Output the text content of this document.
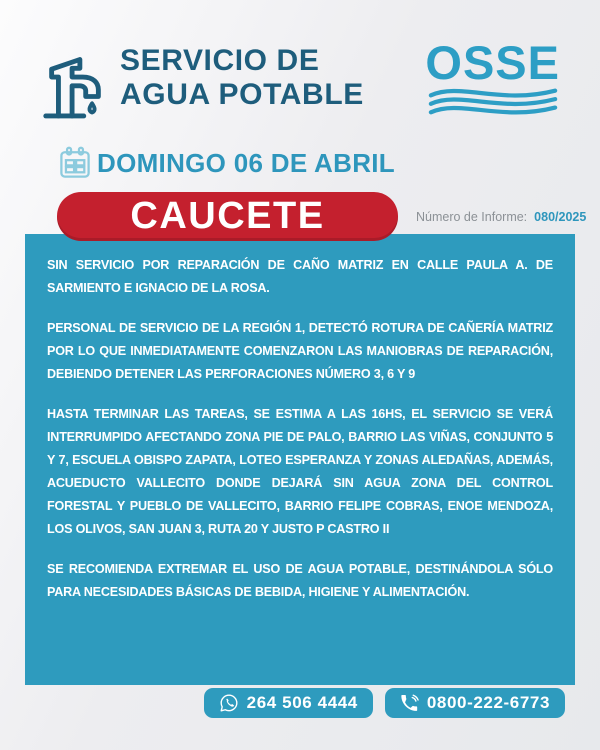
SERVICIO DE
AGUA POTABLE
OSSE
DOMINGO 06 DE ABRIL
CAUCETE	Número de Informe: 080/2025

SIN SERVICIO POR REPARACIÓN DE CAÑO MATRIZ EN CALLE PAULA A. DE SARMIENTO E IGNACIO DE LA ROSA.

PERSONAL DE SERVICIO DE LA REGIÓN 1, DETECTÓ ROTURA DE CAÑERÍA MATRIZ POR LO QUE INMEDIATAMENTE COMENZARON LAS MANIOBRAS DE REPARACIÓN, DEBIENDO DETENER LAS PERFORACIONES NÚMERO 3, 6 Y 9

HASTA TERMINAR LAS TAREAS, SE ESTIMA A LAS 16HS, EL SERVICIO SE VERÁ INTERRUMPIDO AFECTANDO ZONA PIE DE PALO, BARRIO LAS VIÑAS, CONJUNTO 5 Y 7, ESCUELA OBISPO ZAPATA, LOTEO ESPERANZA Y ZONAS ALEDAÑAS, ADEMÁS, ACUEDUCTO VALLECITO DONDE DEJARÁ SIN AGUA ZONA DEL CONTROL FORESTAL Y PUEBLO DE VALLECITO, BARRIO FELIPE COBRAS, ENOE MENDOZA, LOS OLIVOS, SAN JUAN 3, RUTA 20 Y JUSTO P CASTRO II

SE RECOMIENDA EXTREMAR EL USO DE AGUA POTABLE, DESTINÁNDOLA SÓLO PARA NECESIDADES BÁSICAS DE BEBIDA, HIGIENE Y ALIMENTACIÓN.

264 506 4444	0800-222-6773
